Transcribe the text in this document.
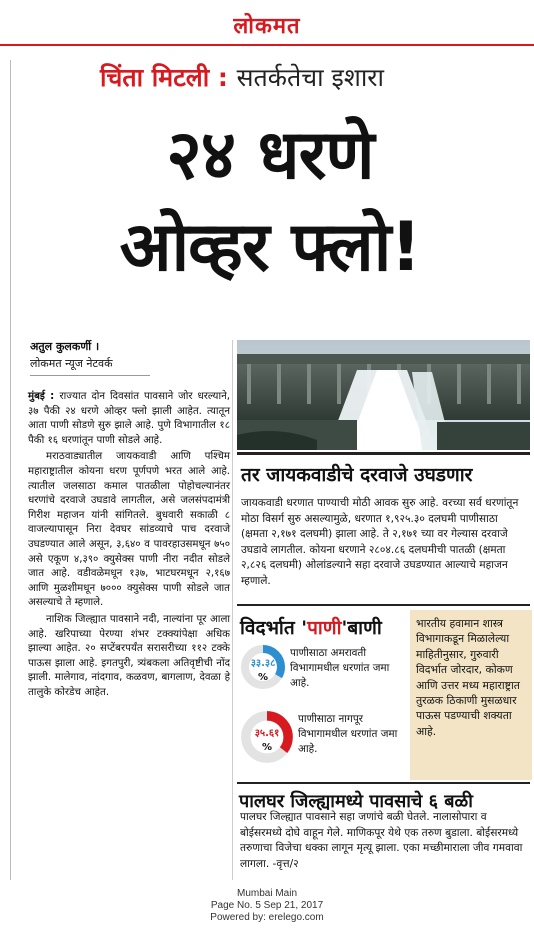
लोकमत
चिंता मिटली : सतर्कतेचा इशारा
२४ धरणे
ओव्हर फ्लो!
अतुल कुलकर्णी ।
लोकमत न्यूज नेटवर्क

मुंबई : राज्यात दोन दिवसांत पावसाने जोर धरल्याने, ३७ पैकी २४ धरणे ओव्हर फ्लो झाली आहेत. त्यातून आता पाणी सोडणे सुरु झाले आहे. पुणे विभागातील १८ पैकी १६ धरणांतून पाणी सोडले आहे.

मराठवाड्यातील जायकवाडी आणि पश्चिम महाराष्ट्रातील कोयना धरण पूर्णपणे भरत आले आहे. त्यातील जलसाठा कमाल पातळीला पोहोचल्यानंतर धरणांचे दरवाजे उघडावे लागतील, असे जलसंपदामंत्री गिरीश महाजन यांनी सांगितले. बुधवारी सकाळी ८ वाजल्यापासून निरा देवघर सांडव्याचे पाच दरवाजे उघडण्यात आले असून, ३,६४० व पावरहाउसमधून ७५० असे एकूण ४,३९० क्युसेक्स पाणी नीरा नदीत सोडले जात आहे. वडीवळेमधून १३७, भाटघरमधून २,१६७ आणि मुळशीमधून ७००० क्युसेक्स पाणी सोडले जात असल्याचे ते म्हणाले.

नाशिक जिल्ह्यात पावसाने नदी, नाल्यांना पूर आला आहे. खरिपाच्या पेरण्या शंभर टक्क्यांपेक्षा अधिक झाल्या आहेत. २० सप्टेंबरपर्यंत सरासरीच्या ११२ टक्के पाऊस झाला आहे. इगतपुरी, त्र्यंबकला अतिवृष्टीची नोंद झाली. मालेगाव, नांदगाव, कळवण, बागलाण, देवळा हे तालुके कोरडेच आहेत.

तर जायकवाडीचे दरवाजे उघडणार
जायकवाडी धरणात पाण्याची मोठी आवक सुरु आहे. वरच्या सर्व धरणांतून मोठा विसर्ग सुरु असल्यामुळे, धरणात १,९२५.३० दलघमी पाणीसाठा (क्षमता २,१७१ दलघमी) झाला आहे. ते २,१७१ च्या वर गेल्यास दरवाजे उघडावे लागतील. कोयना धरणाने २८०४.८६ दलघमीची पातळी (क्षमता २,८२६ दलघमी) ओलांडल्याने सहा दरवाजे उघडण्यात आल्याचे महाजन म्हणाले.
विदर्भात 'पाणी'बाणी
३३.३८
%
पाणीसाठा अमरावती विभागामधील धरणांत जमा आहे.
३५.६१
%
पाणीसाठा नागपूर विभागामधील धरणांत जमा आहे.
भारतीय हवामान शास्त्र विभागाकडून मिळालेल्या माहितीनुसार, गुरुवारी विदर्भात जोरदार, कोकण आणि उत्तर मध्य महाराष्ट्रात तुरळक ठिकाणी मुसळधार पाऊस पडण्याची शक्यता आहे.
पालघर जिल्ह्यामध्ये पावसाचे ६ बळी
पालघर जिल्ह्यात पावसाने सहा जणांचे बळी घेतले. नालासोपारा व बोईसरमध्ये दोघे वाहून गेले. माणिकपूर येथे एक तरुण बुडाला. बोईसरमध्ये तरुणाचा विजेचा धक्का लागून मृत्यू झाला. एका मच्छीमाराला जीव गमवावा लागला. -वृत्त/२
Mumbai Main
Page No. 5 Sep 21, 2017
Powered by: erelego.com
